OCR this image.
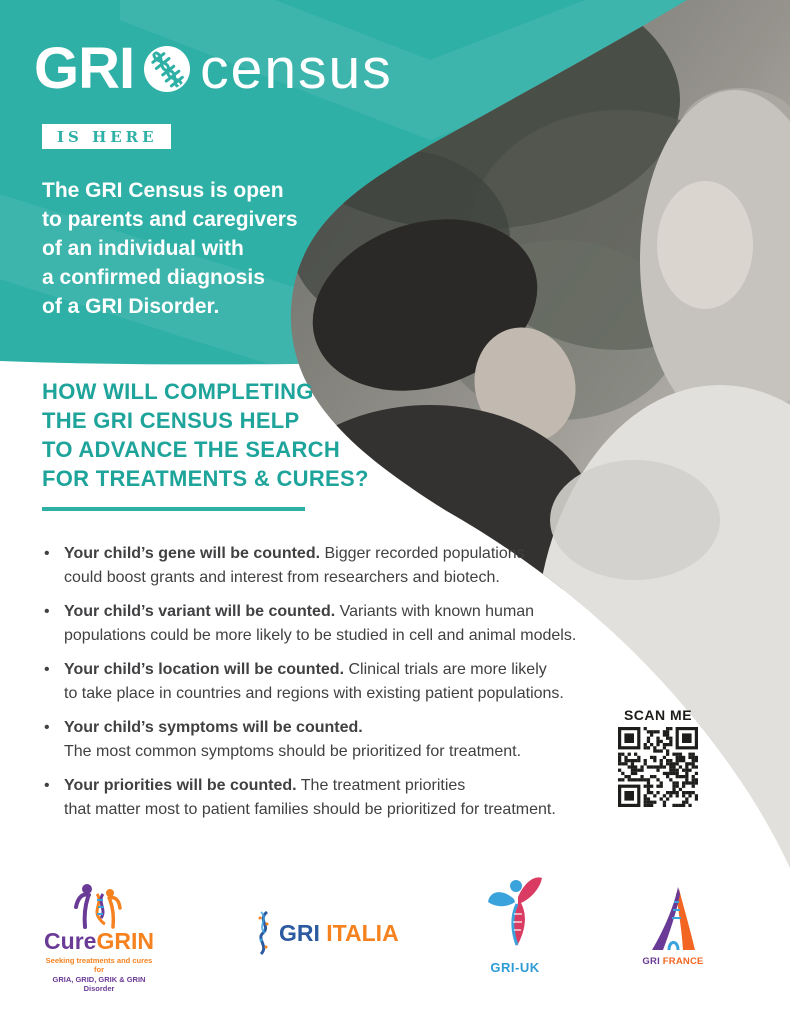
GRI census
IS HERE

The GRI Census is open
to parents and caregivers
of an individual with
a confirmed diagnosis
of a GRI Disorder.

HOW WILL COMPLETING
THE GRI CENSUS HELP
TO ADVANCE THE SEARCH
FOR TREATMENTS & CURES?
• Your child’s gene will be counted. Bigger recorded populations
could boost grants and interest from researchers and biotech.
• Your child’s variant will be counted. Variants with known human
populations could be more likely to be studied in cell and animal models.
• Your child’s location will be counted. Clinical trials are more likely
to take place in countries and regions with existing patient populations.
• Your child’s symptoms will be counted.
The most common symptoms should be prioritized for treatment.
• Your priorities will be counted. The treatment priorities
that matter most to patient families should be prioritized for treatment.
SCAN ME
CureGRIN
Seeking treatments and cures for
GRIA, GRID, GRIK & GRIN Disorder
GRI ITALIA
GRI-UK	GRI FRANCE
